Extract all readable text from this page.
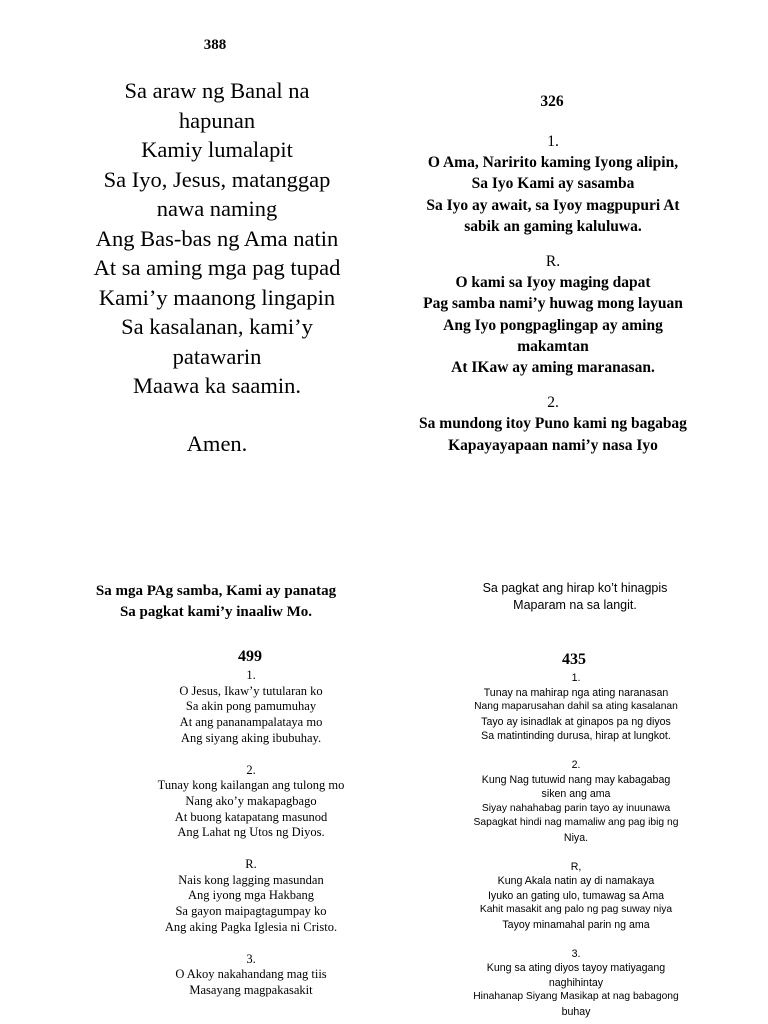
388
Sa araw ng Banal na
hapunan
Kamiy lumalapit
Sa Iyo, Jesus, matanggap
nawa naming
Ang Bas-bas ng Ama natin
At sa aming mga pag tupad
Kami’y maanong lingapin
Sa kasalanan, kami’y
patawarin
Maawa ka saamin.
Amen.
326
1.
O Ama, Naririto kaming Iyong alipin,
Sa Iyo Kami ay sasamba
Sa Iyo ay await, sa Iyoy magpupuri At
sabik an gaming kaluluwa.
R.
O kami sa Iyoy maging dapat
Pag samba nami’y huwag mong layuan
Ang Iyo pongpaglingap ay aming
makamtan
At IKaw ay aming maranasan.
2.
Sa mundong itoy Puno kami ng bagabag
Kapayayapaan nami’y nasa Iyo
Sa mga PAg samba, Kami ay panatag
Sa pagkat kami’y inaaliw Mo.
Sa pagkat ang hirap ko’t hinagpis
Maparam na sa langit.
499
1.
O Jesus, Ikaw’y tutularan ko
Sa akin pong pamumuhay
At ang pananampalataya mo
Ang siyang aking ibubuhay.
2.
Tunay kong kailangan ang tulong mo
Nang ako’y makapagbago
At buong katapatang masunod
Ang Lahat ng Utos ng Diyos.
R.
Nais kong lagging masundan
Ang iyong mga Hakbang
Sa gayon maipagtagumpay ko
Ang aking Pagka Iglesia ni Cristo.
3.
O Akoy nakahandang mag tiis
Masayang magpakasakit
435
1.
Tunay na mahirap nga ating naranasan
Nang maparusahan dahil sa ating kasalanan
Tayo ay isinadlak at ginapos pa ng diyos
Sa matintinding durusa, hirap at lungkot.
2.
Kung Nag tutuwid nang may kabagabag
siken ang ama
Siyay nahahabag parin tayo ay inuunawa
Sapagkat hindi nag mamaliw ang pag ibig ng
Niya.
R,
Kung Akala natin ay di namakaya
Iyuko an gating ulo, tumawag sa Ama
Kahit masakit ang palo ng pag suway niya
Tayoy minamahal parin ng ama
3.
Kung sa ating diyos tayoy matiyagang
naghihintay
Hinahanap Siyang Masikap at nag babagong
buhay
